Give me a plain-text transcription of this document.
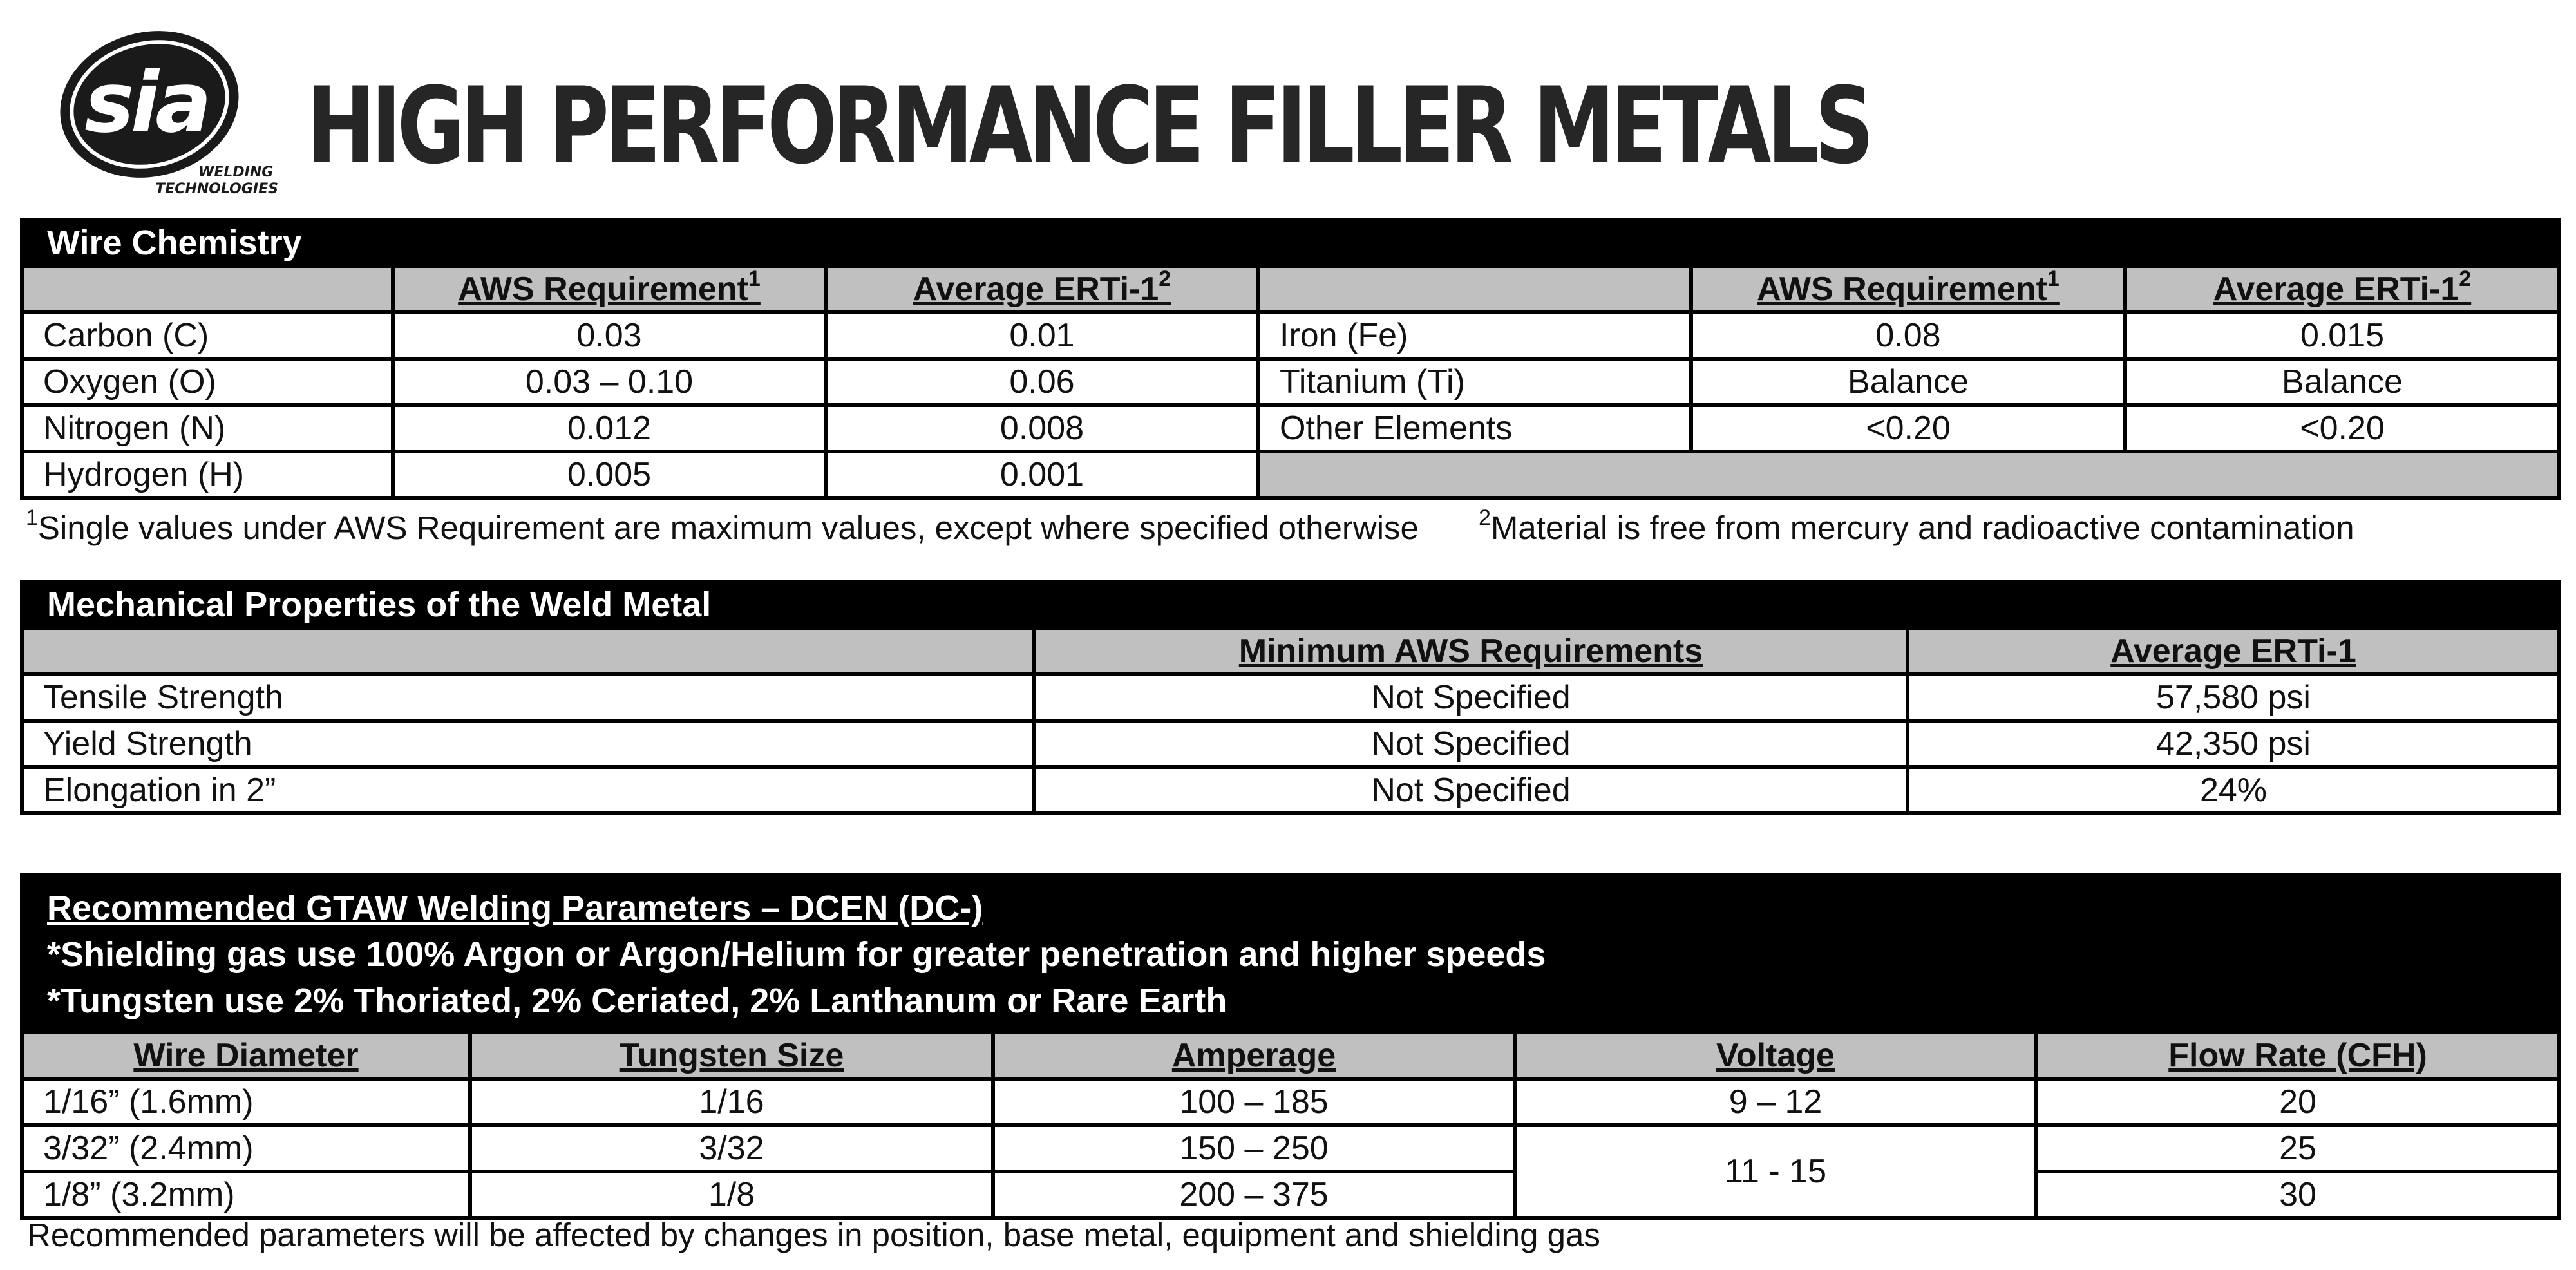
sia
WELDING TECHNOLOGIES
WELDING TECHNOLOGIES
HIGH PERFORMANCE FILLER METALS
Wire Chemistry					
	AWS Requirement$^1$	Average ERTi-$1^2$		AWS Requirement$^1$	Average ERTi-$1^2$
Carbon (C)	0.03	0.01	Iron (Fe)	0.08	0.015
Oxygen (O)	0.03 – 0.10	0.06	Titanium (Ti)	Balance	Balance
Nitrogen (N)	0.012	0.008	Other Elements	<0.20	<0.20
Hydrogen (H)	0.005	0.001			
$^1$Single values under AWS Requirement are maximum values, except where specified otherwise	$^2$Material is free from mercury and radioactive contamination
Mechanical Properties of the Weld Metal		
	Minimum AWS Requirements	Average ERTi-1
Tensile Strength	Not Specified	57,580 psi
Yield Strength	Not Specified	42,350 psi
Elongation in 2”	Not Specified	24%
Recommended GTAW Welding Parameters – DCEN (DC-)
*Shielding gas use 100% Argon or Argon/Helium for greater penetration and higher speeds
*Tungsten use 2% Thoriated, 2% Ceriated, 2% Lanthanum or Rare Earth				

Wire Diameter	Tungsten Size	Amperage	Voltage	Flow Rate (CFH)
1/16” (1.6mm)	1/16	100 – 185	9 – 12	20
3/32” (2.4mm)	3/32	150 – 250	11 - 15	25
1/8” (3.2mm)	1/8	200 – 375		30
Recommended parameters will be affected by changes in position, base metal, equipment and shielding gas
